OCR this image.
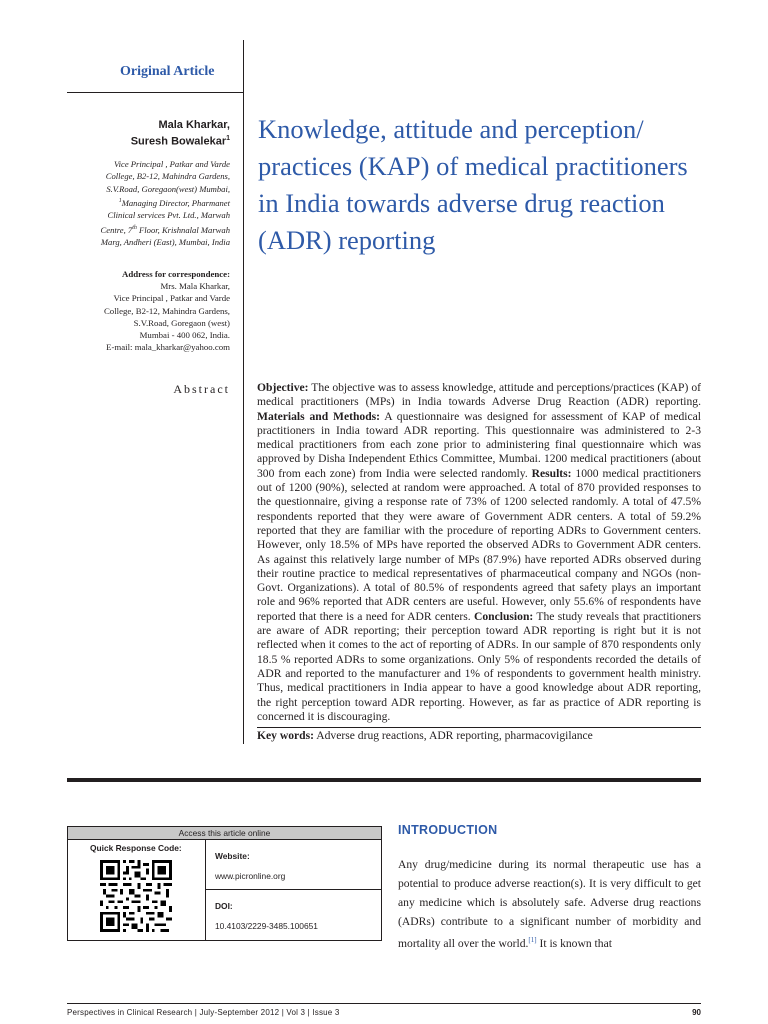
Original Article
Mala Kharkar,
Suresh Bowalekar$^1$
Vice Principal , Patkar and Varde
College, B2-12, Mahindra Gardens,
S.V.Road, Goregaon(west) Mumbai,
$^1$Managing Director, Pharmanet
Clinical services Pvt. Ltd., Marwah
Centre, 7th Floor, Krishnalal Marwah
Marg, Andheri (East), Mumbai, India
Address for correspondence:
Mrs. Mala Kharkar,
Vice Principal , Patkar and Varde
College, B2-12, Mahindra Gardens,
S.V.Road, Goregaon (west)
Mumbai - 400 062, India.
E-mail: mala_kharkar@yahoo.com
Knowledge, attitude and perception/ practices (KAP) of medical practitioners in India towards adverse drug reaction (ADR) reporting
Abstract Objective: The objective was to assess knowledge, attitude and perceptions/practices (KAP) of medical practitioners (MPs) in India towards Adverse Drug Reaction (ADR) reporting. Materials and Methods: A questionnaire was designed for assessment of KAP of medical practitioners in India toward ADR reporting. This questionnaire was administered to 2-3 medical practitioners from each zone prior to administering final questionnaire which was approved by Disha Independent Ethics Committee, Mumbai. 1200 medical practitioners (about 300 from each zone) from India were selected randomly. Results: 1000 medical practitioners out of 1200 (90%), selected at random were approached. A total of 870 provided responses to the questionnaire, giving a response rate of 73% of 1200 selected randomly. A total of 47.5% respondents reported that they were aware of Government ADR centers. A total of 59.2% reported that they are familiar with the procedure of reporting ADRs to Government centers. However, only 18.5% of MPs have reported the observed ADRs to Government ADR centers. As against this relatively large number of MPs (87.9%) have reported ADRs observed during their routine practice to medical representatives of pharmaceutical company and NGOs (non-Govt. Organizations). A total of 80.5% of respondents agreed that safety plays an important role and 96% reported that ADR centers are useful. However, only 55.6% of respondents have reported that there is a need for ADR centers. Conclusion: The study reveals that practitioners are aware of ADR reporting; their perception toward ADR reporting is right but it is not reflected when it comes to the act of reporting of ADRs. In our sample of 870 respondents only 18.5 % reported ADRs to some organizations. Only 5% of respondents recorded the details of ADR and reported to the manufacturer and 1% of respondents to government health ministry. Thus, medical practitioners in India appear to have a good knowledge about ADR reporting, the right perception toward ADR reporting. However, as far as practice of ADR reporting is concerned it is discouraging.
Key words: Adverse drug reactions, ADR reporting, pharmacovigilance
Access this article online
Quick Response Code:
Website:
www.picronline.org
DOI:
10.4103/2229-3485.100651
INTRODUCTION
Any drug/medicine during its normal therapeutic use has a potential to produce adverse reaction(s). It is very difficult to get any medicine which is absolutely safe. Adverse drug reactions (ADRs) contribute to a significant number of morbidity and mortality all over the world.[1] It is known that
Perspectives in Clinical Research | July-September 2012 | Vol 3 | Issue 3	90
